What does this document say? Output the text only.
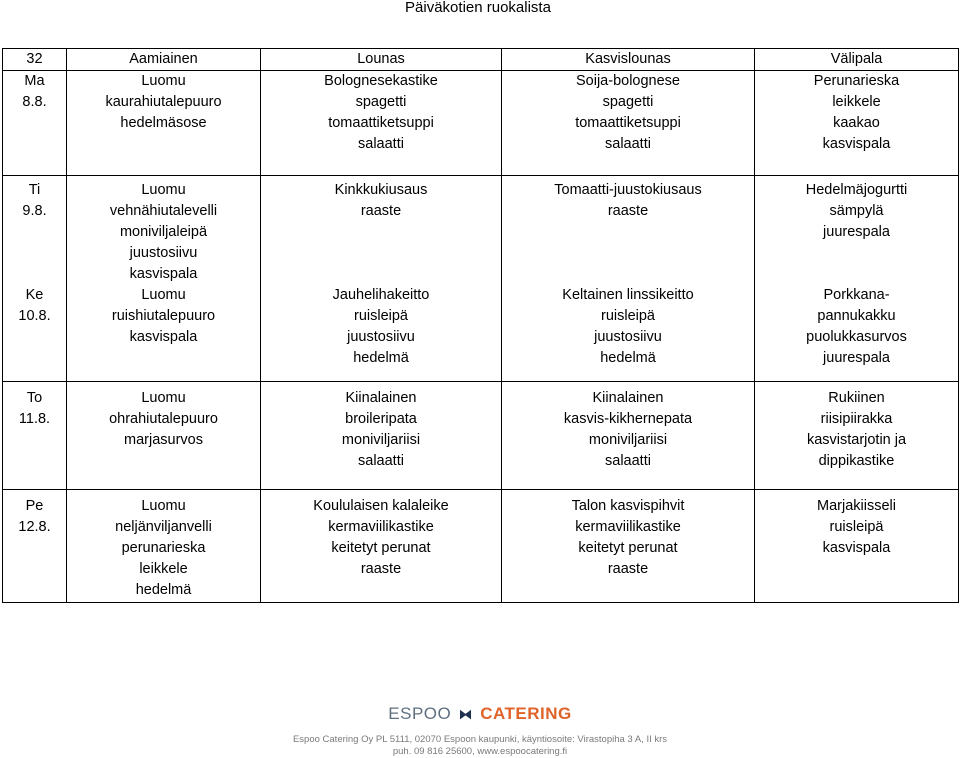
Päiväkotien ruokalista
32	Aamiainen	Lounas	Kasvislounas	Välipala

Ma
8.8.	Luomu
kaurahiutalepuuro
hedelmäsose	Bolognesekastike
spagetti
tomaattiketsuppi
salaatti	Soija-bolognese
spagetti
tomaattiketsuppi
salaatti	Perunarieska
leikkele
kaakao
kasvispala

Ti
9.8.	Luomu
vehnähiutalevelli
moniviljaleipä
juustosiivu
kasvispala	Kinkkukiusaus
raaste	Tomaatti-juustokiusaus
raaste	Hedelmäjogurtti
sämpylä
juurespala

Ke
10.8.	Luomu
ruishiutalepuuro
kasvispala	Jauhelihakeitto
ruisleipä
juustosiivu
hedelmä	Keltainen linssikeitto
ruisleipä
juustosiivu
hedelmä	Porkkana-
pannukakku
puolukkasurvos
juurespala

To
11.8.	Luomu
ohrahiutalepuuro
marjasurvos	Kiinalainen
broileripata
moniviljariisi
salaatti	Kiinalainen
kasvis-kikhernepata
moniviljariisi
salaatti	Rukiinen
riisipiirakka
kasvistarjotin ja
dippikastike

Pe
12.8.	Luomu
neljänviljanvelli
perunarieska
leikkele
hedelmä	Koululaisen kalaleike
kermaviilikastike
keitetyt perunat
raaste	Talon kasvispihvit
kermaviilikastike
keitetyt perunat
raaste	Marjakiisseli
ruisleipä
kasvispala
ESPOO ⧓ CATERING
Espoo Catering Oy PL 5111, 02070 Espoon kaupunki, käyntiosoite: Virastopiha 3 A, II krs
puh. 09 816 25600, www.espoocatering.fi
